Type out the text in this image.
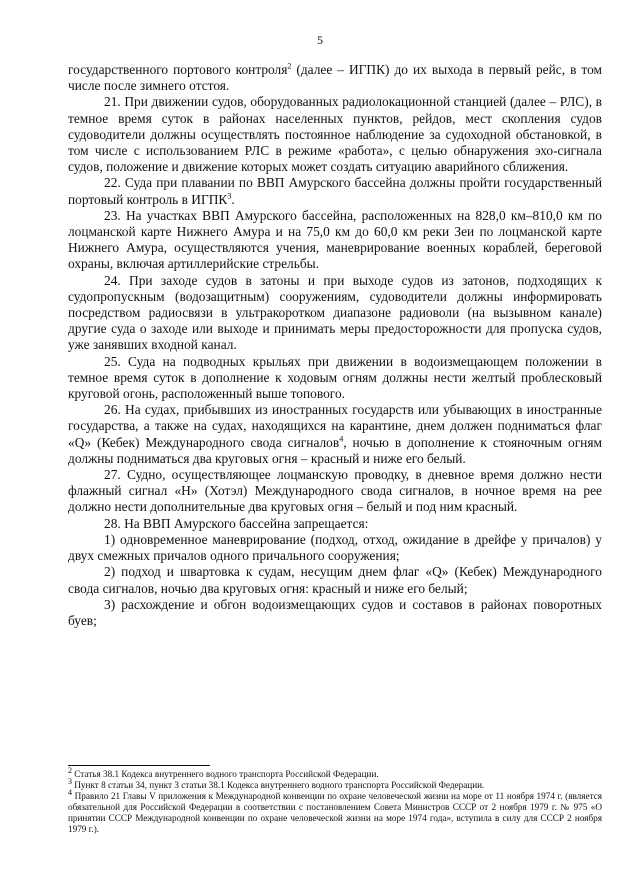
5

государственного портового контроля$^2$ (далее – ИГПК) до их выхода в первый рейс, в том числе после зимнего отстоя.

21. При движении судов, оборудованных радиолокационной станцией (далее – РЛС), в темное время суток в районах населенных пунктов, рейдов, мест скопления судов судоводители должны осуществлять постоянное наблюдение за судоходной обстановкой, в том числе с использованием РЛС в режиме «работа», с целью обнаружения эхо-сигнала судов, положение и движение которых может создать ситуацию аварийного сближения.

22. Суда при плавании по ВВП Амурского бассейна должны пройти государственный портовый контроль в ИГПК$^3$.

23. На участках ВВП Амурского бассейна, расположенных на 828,0 км–810,0 км по лоцманской карте Нижнего Амура и на 75,0 км до 60,0 км реки Зеи по лоцманской карте Нижнего Амура, осуществляются учения, маневрирование военных кораблей, береговой охраны, включая артиллерийские стрельбы.

24. При заходе судов в затоны и при выходе судов из затонов, подходящих к судопропускным (водозащитным) сооружениям, судоводители должны информировать посредством радиосвязи в ультракоротком диапазоне радиоволи (на вызывном канале) другие суда о заходе или выходе и принимать меры предосторожности для пропуска судов, уже занявших входной канал.

25. Суда на подводных крыльях при движении в водоизмещающем положении в темное время суток в дополнение к ходовым огням должны нести желтый проблесковый круговой огонь, расположенный выше топового.

26. На судах, прибывших из иностранных государств или убывающих в иностранные государства, а также на судах, находящихся на карантине, днем должен подниматься флаг «Q» (Кебек) Международного свода сигналов$^4$, ночью в дополнение к стояночным огням должны подниматься два круговых огня – красный и ниже его белый.

27. Судно, осуществляющее лоцманскую проводку, в дневное время должно нести флажный сигнал «Н» (Хотэл) Международного свода сигналов, в ночное время на рее должно нести дополнительные два круговых огня – белый и под ним красный.

28. На ВВП Амурского бассейна запрещается:

1) одновременное маневрирование (подход, отход, ожидание в дрейфе у причалов) у двух смежных причалов одного причального сооружения;

2) подход и швартовка к судам, несущим днем флаг «Q» (Кебек) Международного свода сигналов, ночью два круговых огня: красный и ниже его белый;

3) расхождение и обгон водоизмещающих судов и составов в районах поворотных буев;

$^2$ Статья 38.1 Кодекса внутреннего водного транспорта Российской Федерации.

$^3$ Пункт 8 статьи 34, пункт 3 статьи 38.1 Кодекса внутреннего водного транспорта Российской Федерации.

$^4$ Правило 21 Главы V приложения к Международной конвенции по охране человеческой жизни на море от 11 ноября 1974 г. (является обязательной для Российской Федерации в соответствии с постановлением Совета Министров СССР от 2 ноября 1979 г. № 975 «О принятии СССР Международной конвенции по охране человеческой жизни на море 1974 года», вступила в силу для СССР 2 ноября 1979 г.).
